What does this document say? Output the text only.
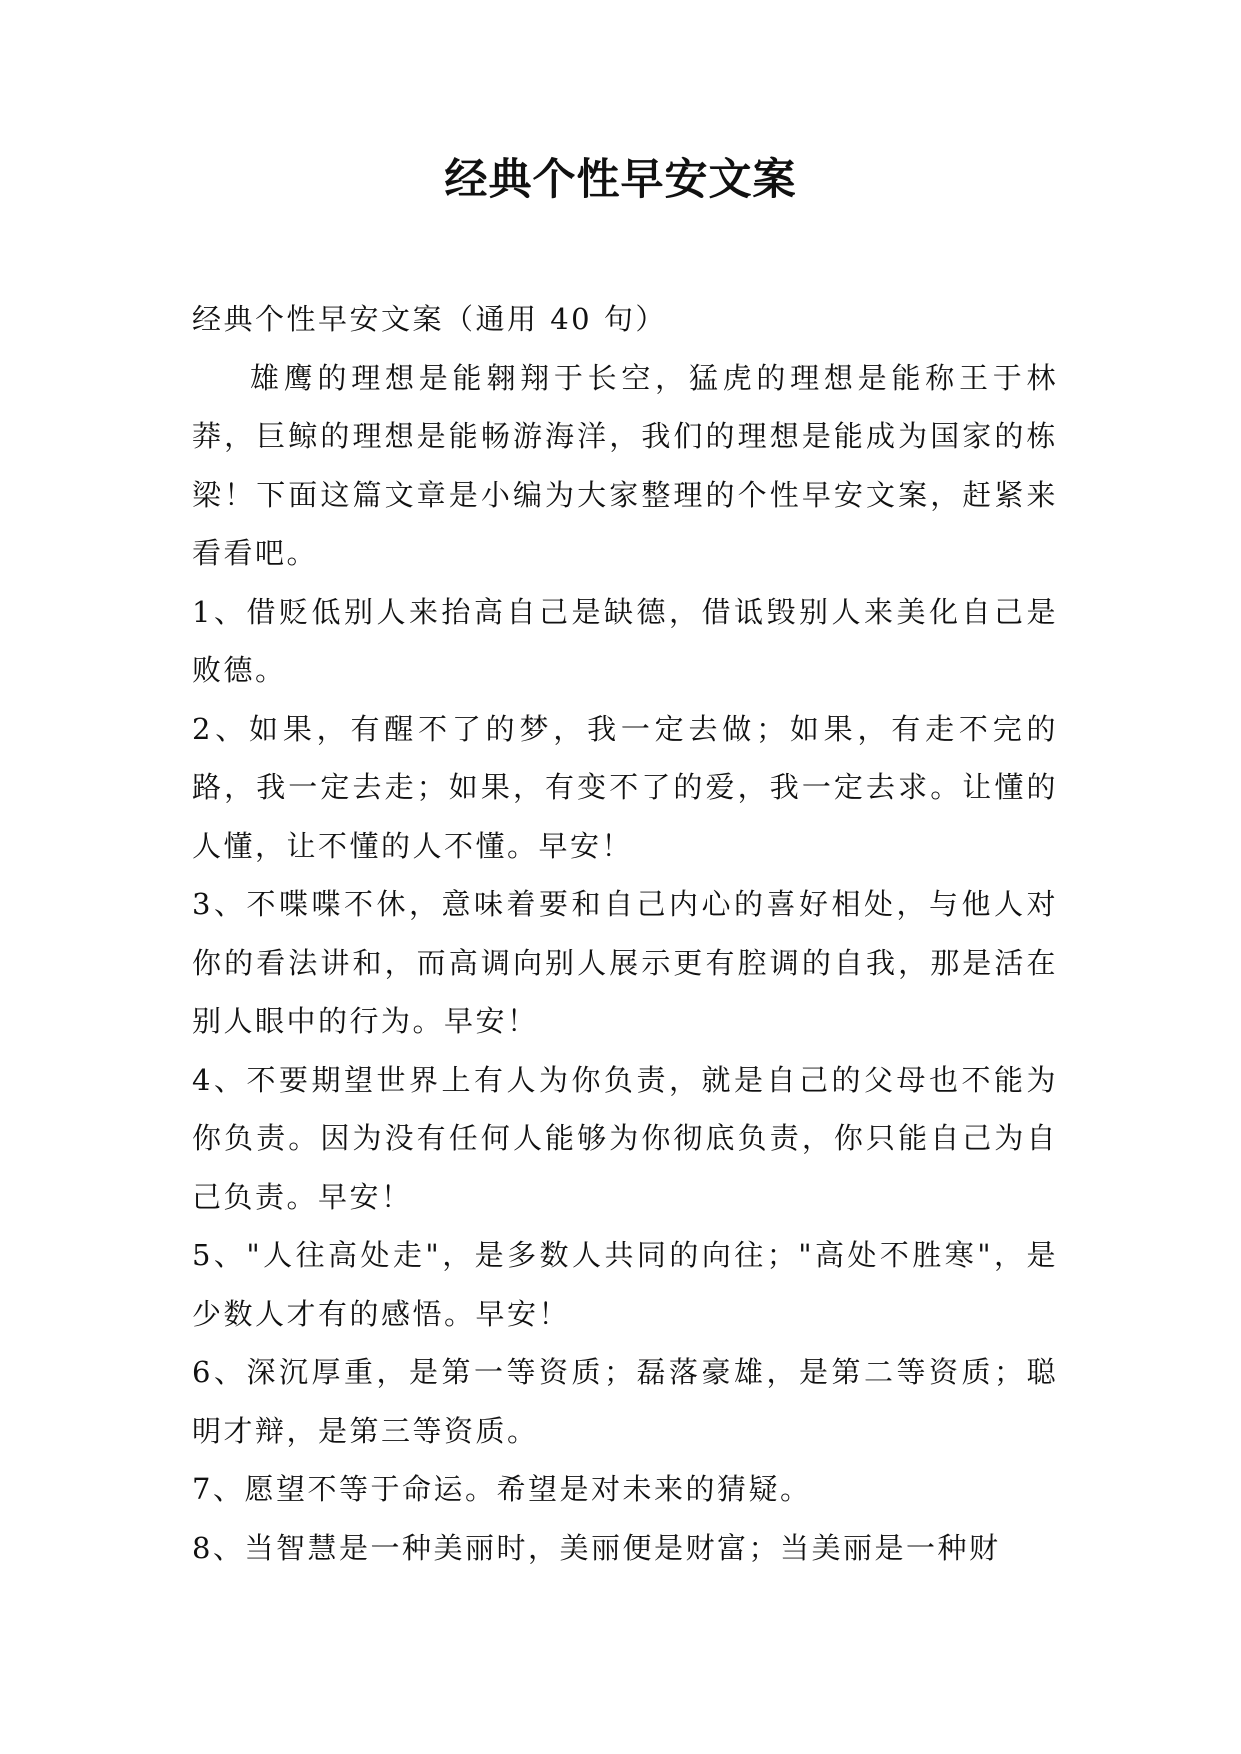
经典个性早安文案

经典个性早安文案（通用 40 句）

雄鹰的理想是能翱翔于长空，猛虎的理想是能称王于林莽，巨鲸的理想是能畅游海洋，我们的理想是能成为国家的栋梁！下面这篇文章是小编为大家整理的个性早安文案，赶紧来看看吧。

1、借贬低别人来抬高自己是缺德，借诋毁别人来美化自己是败德。

2、如果，有醒不了的梦，我一定去做；如果，有走不完的路，我一定去走；如果，有变不了的爱，我一定去求。让懂的人懂，让不懂的人不懂。早安！

3、不喋喋不休，意味着要和自己内心的喜好相处，与他人对你的看法讲和，而高调向别人展示更有腔调的自我，那是活在别人眼中的行为。早安！

4、不要期望世界上有人为你负责，就是自己的父母也不能为你负责。因为没有任何人能够为你彻底负责，你只能自己为自己负责。早安！

5、"人往高处走"，是多数人共同的向往；"高处不胜寒"，是少数人才有的感悟。早安！

6、深沉厚重，是第一等资质；磊落豪雄，是第二等资质；聪明才辩，是第三等资质。

7、愿望不等于命运。希望是对未来的猜疑。

8、当智慧是一种美丽时，美丽便是财富；当美丽是一种财
